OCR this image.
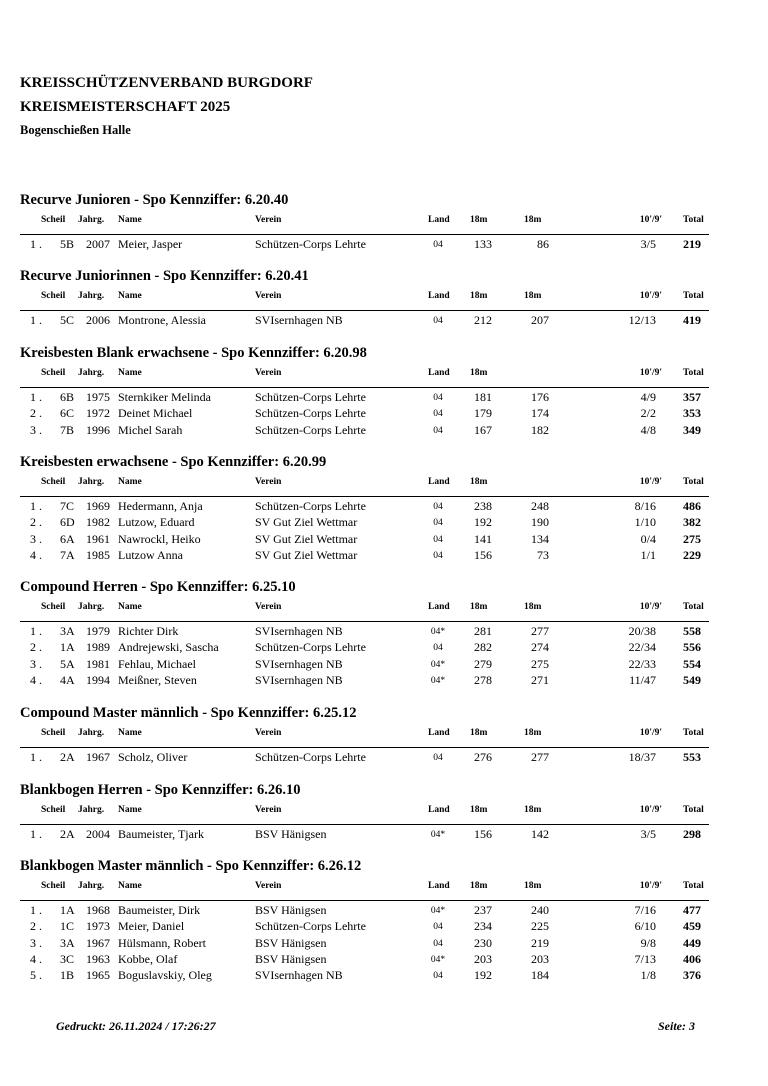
KREISSCHÜTZENVERBAND BURGDORF
KREISMEISTERSCHAFT 2025
Bogenschießen Halle
Recurve Junioren - Spo Kennziffer: 6.20.40
Scheil	Jahrg.	Name	Verein	Land	18m	18m	10'/9' Total
1 .	5B 2007 Meier, Jasper	Schützen-Corps Lehrte	04	133	86	3/5 219
Recurve Juniorinnen - Spo Kennziffer: 6.20.41
Scheil	Jahrg.	Name	Verein	Land	18m	18m	10'/9' Total
1 .	5C 2006 Montrone, Alessia	SVIsernhagen NB	04	212	207	12/13 419
Kreisbesten Blank erwachsene - Spo Kennziffer: 6.20.98
Scheil	Jahrg.	Name	Verein	Land	18m	10'/9' Total
1 .	6B 1975 Sternkiker Melinda	Schützen-Corps Lehrte	04	181	176	4/9 357
2 .	6C 1972 Deinet Michael	Schützen-Corps Lehrte	04	179	174	2/2 353
3 .	7B 1996 Michel Sarah	Schützen-Corps Lehrte	04	167	182	4/8 349
Kreisbesten erwachsene - Spo Kennziffer: 6.20.99
Scheil	Jahrg.	Name	Verein	Land	18m	10'/9' Total
1 .	7C 1969 Hedermann, Anja	Schützen-Corps Lehrte	04	238	248	8/16 486
2 .	6D 1982 Lutzow, Eduard	SV Gut Ziel Wettmar	04	192	190	1/10 382
3 .	6A 1961 Nawrockl, Heiko	SV Gut Ziel Wettmar	04	141	134	0/4 275
4 .	7A 1985 Lutzow Anna	SV Gut Ziel Wettmar	04	156	73	1/1 229
Compound Herren - Spo Kennziffer: 6.25.10
Scheil	Jahrg.	Name	Verein	Land	18m	18m	10'/9' Total
1 .	3A 1979 Richter Dirk	SVIsernhagen NB	04*	281	277	20/38 558
2 .	1A 1989 Andrejewski, Sascha	Schützen-Corps Lehrte	04	282	274	22/34 556
3 .	5A 1981 Fehlau, Michael	SVIsernhagen NB	04*	279	275	22/33 554
4 .	4A 1994 Meißner, Steven	SVIsernhagen NB	04*	278	271	11/47 549
Compound Master männlich - Spo Kennziffer: 6.25.12
Scheil	Jahrg.	Name	Verein	Land	18m	18m	10'/9' Total
1 .	2A 1967 Scholz, Oliver	Schützen-Corps Lehrte	04	276	277	18/37 553
Blankbogen Herren - Spo Kennziffer: 6.26.10
Scheil	Jahrg.	Name	Verein	Land	18m	18m	10'/9' Total
1 .	2A 2004 Baumeister, Tjark	BSV Hänigsen	04*	156	142	3/5 298
Blankbogen Master männlich - Spo Kennziffer: 6.26.12
Scheil	Jahrg.	Name	Verein	Land	18m	18m	10'/9' Total
1 .	1A 1968 Baumeister, Dirk	BSV Hänigsen	04*	237	240	7/16 477
2 .	1C 1973 Meier, Daniel	Schützen-Corps Lehrte	04	234	225	6/10 459
3 .	3A 1967 Hülsmann, Robert	BSV Hänigsen	04	230	219	9/8 449
4 .	3C 1963 Kobbe, Olaf	BSV Hänigsen	04*	203	203	7/13 406
5 .	1B 1965 Boguslavskiy, Oleg	SVIsernhagen NB	04	192	184	1/8 376
Gedruckt: 26.11.2024 / 17:26:27	Seite: 3
